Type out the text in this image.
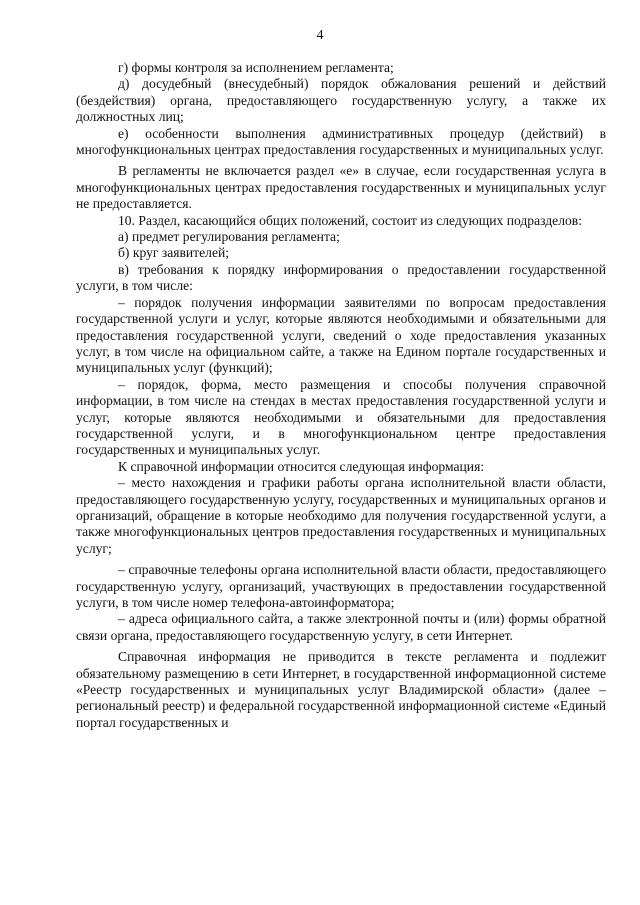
4

г) формы контроля за исполнением регламента;

д) досудебный (внесудебный) порядок обжалования решений и действий (бездействия) органа, предоставляющего государственную услугу, а также их должностных лиц;

е) особенности выполнения административных процедур (действий) в многофункциональных центрах предоставления государственных и муниципальных услуг.

В регламенты не включается раздел «е» в случае, если государственная услуга в многофункциональных центрах предоставления государственных и муниципальных услуг не предоставляется.

10. Раздел, касающийся общих положений, состоит из следующих подразделов:

а) предмет регулирования регламента;

б) круг заявителей;

в) требования к порядку информирования о предоставлении государственной услуги, в том числе:

– порядок получения информации заявителями по вопросам предоставления государственной услуги и услуг, которые являются необходимыми и обязательными для предоставления государственной услуги, сведений о ходе предоставления указанных услуг, в том числе на официальном сайте, а также на Едином портале государственных и муниципальных услуг (функций);

– порядок, форма, место размещения и способы получения справочной информации, в том числе на стендах в местах предоставления государственной услуги и услуг, которые являются необходимыми и обязательными для предоставления государственной услуги, и в многофункциональном центре предоставления государственных и муниципальных услуг.

К справочной информации относится следующая информация:

– место нахождения и графики работы органа исполнительной власти области, предоставляющего государственную услугу, государственных и муниципальных органов и организаций, обращение в которые необходимо для получения государственной услуги, а также многофункциональных центров предоставления государственных и муниципальных услуг;

– справочные телефоны органа исполнительной власти области, предоставляющего государственную услугу, организаций, участвующих в предоставлении государственной услуги, в том числе номер телефона-автоинформатора;

– адреса официального сайта, а также электронной почты и (или) формы обратной связи органа, предоставляющего государственную услугу, в сети Интернет.

Справочная информация не приводится в тексте регламента и подлежит обязательному размещению в сети Интернет, в государственной информационной системе «Реестр государственных и муниципальных услуг Владимирской области» (далее – региональный реестр) и федеральной государственной информационной системе «Единый портал государственных и
